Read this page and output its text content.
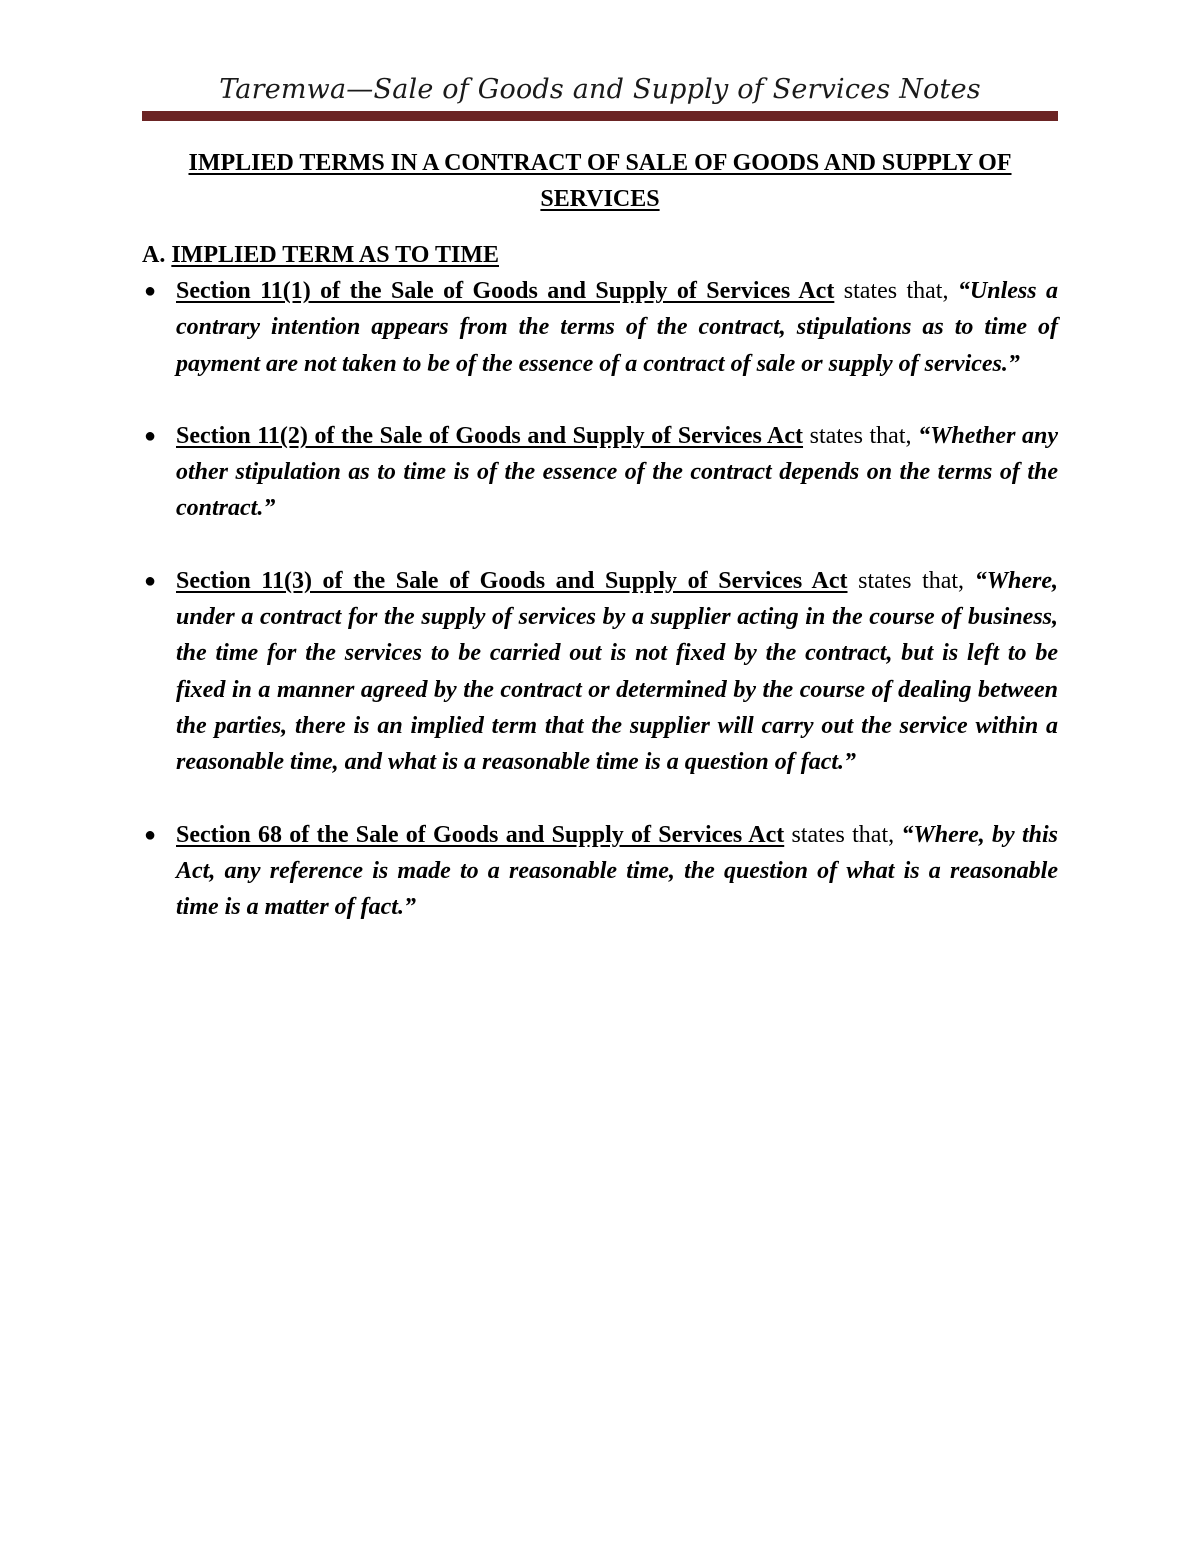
Taremwa—Sale of Goods and Supply of Services Notes
IMPLIED TERMS IN A CONTRACT OF SALE OF GOODS AND SUPPLY OF SERVICES
A. IMPLIED TERM AS TO TIME
● Section 11(1) of the Sale of Goods and Supply of Services Act states that, “Unless a contrary intention appears from the terms of the contract, stipulations as to time of payment are not taken to be of the essence of a contract of sale or supply of services.”
● Section 11(2) of the Sale of Goods and Supply of Services Act states that, “Whether any other stipulation as to time is of the essence of the contract depends on the terms of the contract.”
● Section 11(3) of the Sale of Goods and Supply of Services Act states that, “Where, under a contract for the supply of services by a supplier acting in the course of business, the time for the services to be carried out is not fixed by the contract, but is left to be fixed in a manner agreed by the contract or determined by the course of dealing between the parties, there is an implied term that the supplier will carry out the service within a reasonable time, and what is a reasonable time is a question of fact.”
● Section 68 of the Sale of Goods and Supply of Services Act states that, “Where, by this Act, any reference is made to a reasonable time, the question of what is a reasonable time is a matter of fact.”
